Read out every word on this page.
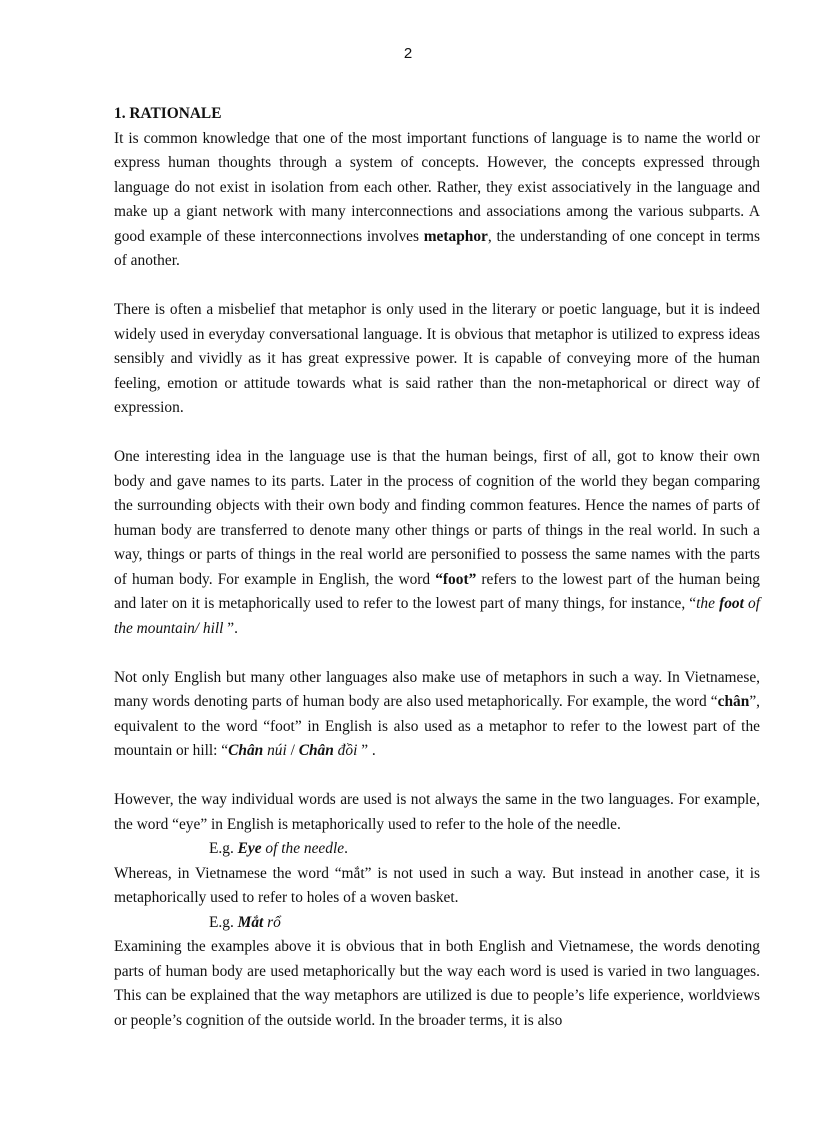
2

1. RATIONALE

It is common knowledge that one of the most important functions of language is to name the world or express human thoughts through a system of concepts. However, the concepts expressed through language do not exist in isolation from each other. Rather, they exist associatively in the language and make up a giant network with many interconnections and associations among the various subparts. A good example of these interconnections involves metaphor, the understanding of one concept in terms of another.

There is often a misbelief that metaphor is only used in the literary or poetic language, but it is indeed widely used in everyday conversational language. It is obvious that metaphor is utilized to express ideas sensibly and vividly as it has great expressive power. It is capable of conveying more of the human feeling, emotion or attitude towards what is said rather than the non-metaphorical or direct way of expression.

One interesting idea in the language use is that the human beings, first of all, got to know their own body and gave names to its parts. Later in the process of cognition of the world they began comparing the surrounding objects with their own body and finding common features. Hence the names of parts of human body are transferred to denote many other things or parts of things in the real world. In such a way, things or parts of things in the real world are personified to possess the same names with the parts of human body. For example in English, the word “foot” refers to the lowest part of the human being and later on it is metaphorically used to refer to the lowest part of many things, for instance, “the foot of the mountain/ hill ”.

Not only English but many other languages also make use of metaphors in such a way. In Vietnamese, many words denoting parts of human body are also used metaphorically. For example, the word “chân”, equivalent to the word “foot” in English is also used as a metaphor to refer to the lowest part of the mountain or hill: “Chân núi / Chân đồi ” .

However, the way individual words are used is not always the same in the two languages. For example, the word “eye” in English is metaphorically used to refer to the hole of the needle.

E.g. Eye of the needle.

Whereas, in Vietnamese the word “mắt” is not used in such a way. But instead in another case, it is metaphorically used to refer to holes of a woven basket.

E.g. Mắt rổ

Examining the examples above it is obvious that in both English and Vietnamese, the words denoting parts of human body are used metaphorically but the way each word is used is varied in two languages. This can be explained that the way metaphors are utilized is due to people’s life experience, worldviews or people’s cognition of the outside world. In the broader terms, it is also
